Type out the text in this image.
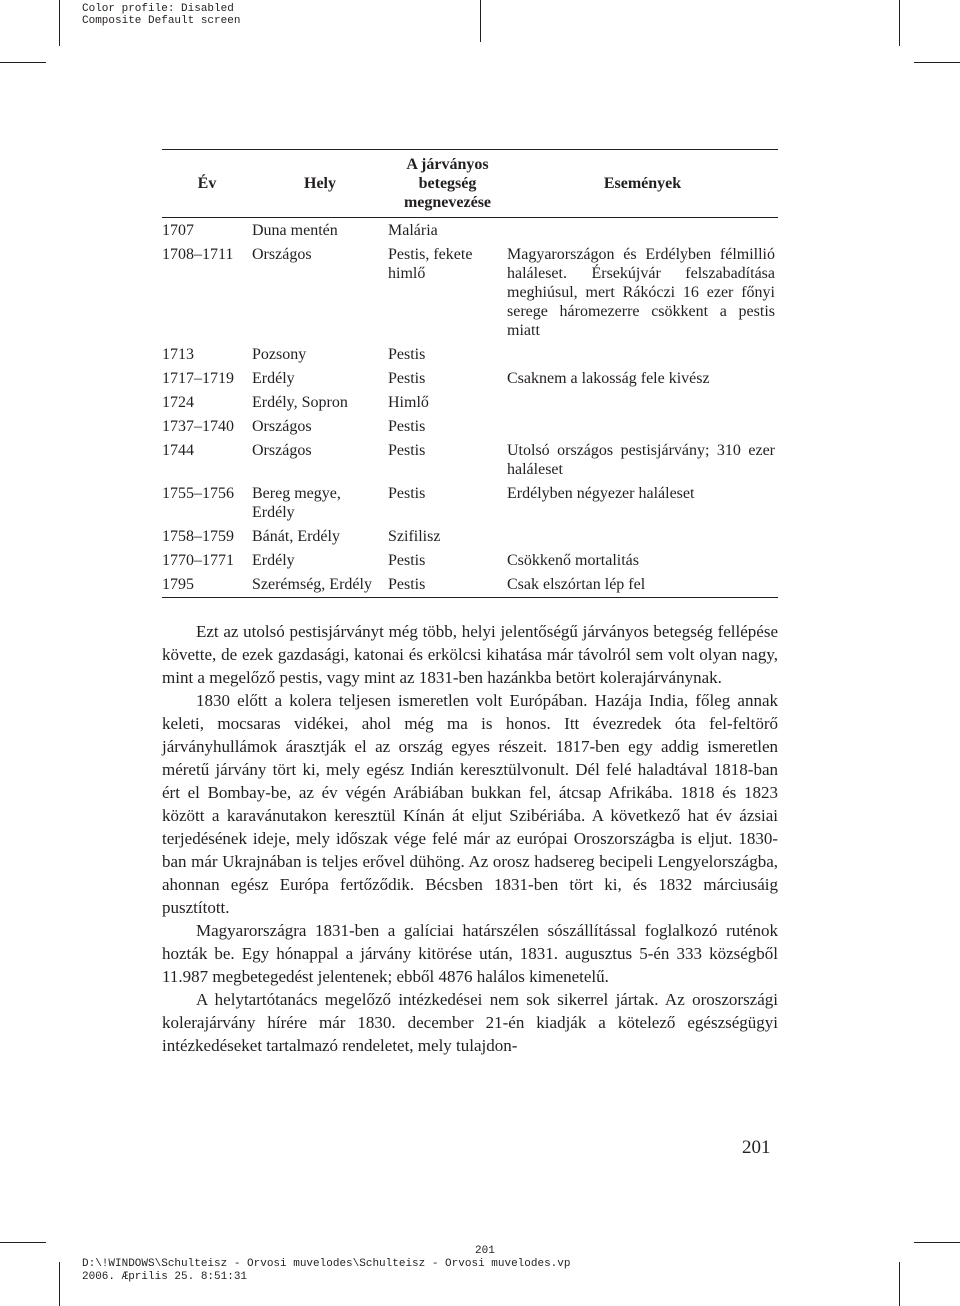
Color profile: Disabled
Composite Default screen
Év	Hely	A járványos betegség megnevezése	Események
1707	Duna mentén	Malária	
1708–1711	Országos	Pestis, fekete himlő	Magyarországon és Erdélyben félmillió haláleset. Érsekújvár felszabadítása meghiúsul, mert Rákóczi 16 ezer főnyi serege háromezerre csökkent a pestis miatt
1713	Pozsony	Pestis	
1717–1719	Erdély	Pestis	Csaknem a lakosság fele kivész
1724	Erdély, Sopron	Himlő	
1737–1740	Országos	Pestis	
1744	Országos	Pestis	Utolsó országos pestisjárvány; 310 ezer haláleset
1755–1756	Bereg megye, Erdély	Pestis	Erdélyben négyezer haláleset
1758–1759	Bánát, Erdély	Szifilisz	
1770–1771	Erdély	Pestis	Csökkenő mortalitás
1795	Szerémség, Erdély	Pestis	Csak elszórtan lép fel

Ezt az utolsó pestisjárványt még több, helyi jelentőségű járványos betegség fellépése követte, de ezek gazdasági, katonai és erkölcsi kihatása már távolról sem volt olyan nagy, mint a megelőző pestis, vagy mint az 1831-ben hazánkba betört kolerajárványnak.

1830 előtt a kolera teljesen ismeretlen volt Európában. Hazája India, főleg annak keleti, mocsaras vidékei, ahol még ma is honos. Itt évezredek óta fel-feltörő járványhullámok árasztják el az ország egyes részeit. 1817-ben egy addig ismeretlen méretű járvány tört ki, mely egész Indián keresztülvonult. Dél felé haladtával 1818-ban ért el Bombay-be, az év végén Arábiában bukkan fel, átcsap Afrikába. 1818 és 1823 között a karavánutakon keresztül Kínán át eljut Szibériába. A következő hat év ázsiai terjedésének ideje, mely időszak vége felé már az európai Oroszországba is eljut. 1830-ban már Ukrajnában is teljes erővel dühöng. Az orosz hadsereg becipeli Lengyelországba, ahonnan egész Európa fertőződik. Bécsben 1831-ben tört ki, és 1832 márciusáig pusztított.

Magyarországra 1831-ben a galíciai határszélen sószállítással foglalkozó ruténok hozták be. Egy hónappal a járvány kitörése után, 1831. augusztus 5-én 333 községből 11.987 megbetegedést jelentenek; ebből 4876 halálos kimenetelű.

A helytartótanács megelőző intézkedései nem sok sikerrel jártak. Az oroszországi kolerajárvány hírére már 1830. december 21-én kiadják a kötelező egészségügyi intézkedéseket tartalmazó rendeletet, mely tulajdon-

201
201
D:\!WINDOWS\Schulteisz - Orvosi muvelodes\Schulteisz - Orvosi muvelodes.vp
2006. Æprilis 25. 8:51:31
